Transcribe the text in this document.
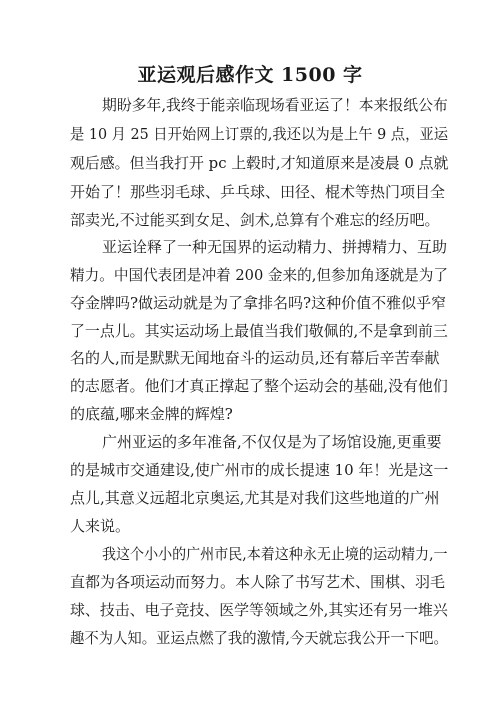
亚运观后感作文 1500 字
期盼多年,我终于能亲临现场看亚运了！本来报纸公布
是 10 月 25 日开始网上订票的,我还以为是上午 9 点，亚运
观后感。但当我打开 pc 上毂时,才知道原来是凌晨 0 点就
开始了！那些羽毛球、乒乓球、田径、棍术等热门项目全
部卖光,不过能买到女足、剑术,总算有个难忘的经历吧。
亚运诠释了一种无国界的运动精力、拼搏精力、互助
精力。中国代表团是冲着 200 金来的,但参加角逐就是为了
夺金牌吗?做运动就是为了拿排名吗?这种价值不雅似乎窄
了一点儿。其实运动场上最值当我们敬佩的,不是拿到前三
名的人,而是默默无闻地奋斗的运动员,还有幕后辛苦奉献
的志愿者。他们才真正撑起了整个运动会的基础,没有他们
的底蕴,哪来金牌的辉煌?
广州亚运的多年准备,不仅仅是为了场馆设施,更重要
的是城市交通建设,使广州市的成长提速 10 年！光是这一
点儿,其意义远超北京奥运,尤其是对我们这些地道的广州
人来说。
我这个小小的广州市民,本着这种永无止境的运动精力,一
直都为各项运动而努力。本人除了书写艺术、围棋、羽毛
球、技击、电子竞技、医学等领域之外,其实还有另一堆兴
趣不为人知。亚运点燃了我的激情,今天就忘我公开一下吧。
